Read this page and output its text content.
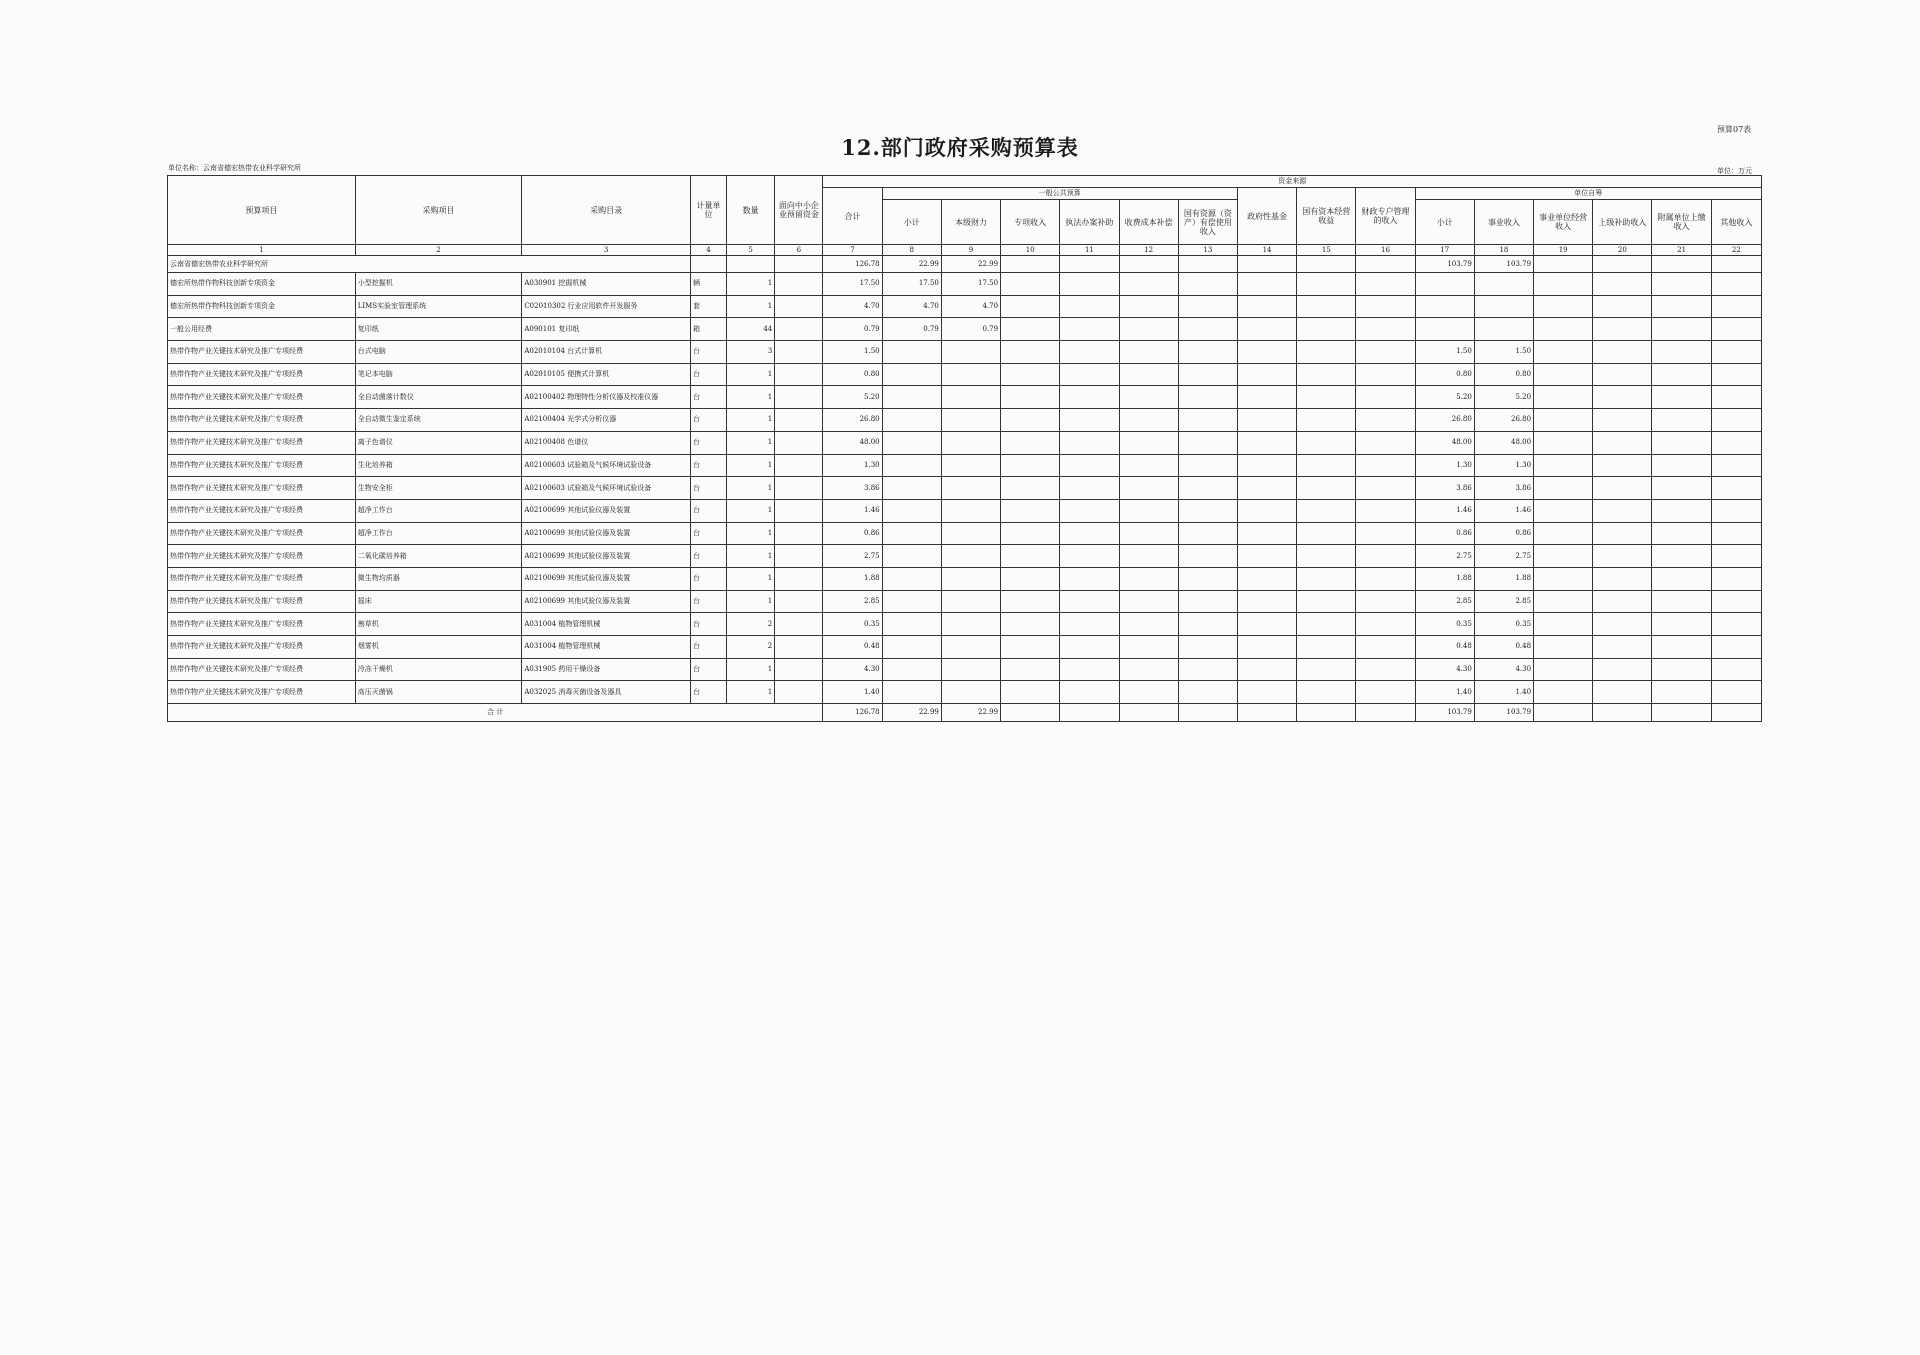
预算07表
12.部门政府采购预算表
单位名称：云南省德宏热带农业科学研究所	单位：万元
预算项目	采购项目	采购目录	计量单位	数量	面向中小企业预留资金	资金来源															
						合计	一般公共预算						政府性基金	国有资本经营收益	财政专户管理的收入	单位自筹					
							小计	本级财力	专项收入	执法办案补助	收费成本补偿	国有资源（资产）有偿使用收入				小计	事业收入	事业单位经营收入	上级补助收入	附属单位上缴收入	其他收入
1	2	3	4	5	6	7	8	9	10	11	12	13	14	15	16	17	18	19	20	21	22
云南省德宏热带农业科学研究所						126.78	22.99	22.99								103.79	103.79				
德宏所热带作物科技创新专项资金	小型挖掘机	A030901 挖掘机械	辆	1		17.50	17.50	17.50													
德宏所热带作物科技创新专项资金	LIMS实验室管理系统	C02010302 行业应用软件开发服务	套	1		4.70	4.70	4.70													
一般公用经费	复印纸	A090101 复印纸	箱	44		0.79	0.79	0.79													
热带作物产业关键技术研究及推广专项经费	台式电脑	A02010104 台式计算机	台	3		1.50										1.50	1.50				
热带作物产业关键技术研究及推广专项经费	笔记本电脑	A02010105 便携式计算机	台	1		0.80										0.80	0.80				
热带作物产业关键技术研究及推广专项经费	全自动菌落计数仪	A02100402 物理特性分析仪器及校准仪器	台	1		5.20										5.20	5.20				
热带作物产业关键技术研究及推广专项经费	全自动微生鉴定系统	A02100404 光学式分析仪器	台	1		26.80										26.80	26.80				
热带作物产业关键技术研究及推广专项经费	离子色谱仪	A02100408 色谱仪	台	1		48.00										48.00	48.00				
热带作物产业关键技术研究及推广专项经费	生化培养箱	A02100603 试验箱及气候环境试验设备	台	1		1.30										1.30	1.30				
热带作物产业关键技术研究及推广专项经费	生物安全柜	A02100603 试验箱及气候环境试验设备	台	1		3.86										3.86	3.86				
热带作物产业关键技术研究及推广专项经费	超净工作台	A02100699 其他试验仪器及装置	台	1		1.46										1.46	1.46				
热带作物产业关键技术研究及推广专项经费	超净工作台	A02100699 其他试验仪器及装置	台	1		0.86										0.86	0.86				
热带作物产业关键技术研究及推广专项经费	二氧化碳培养箱	A02100699 其他试验仪器及装置	台	1		2.75										2.75	2.75				
热带作物产业关键技术研究及推广专项经费	微生物均质器	A02100699 其他试验仪器及装置	台	1		1.88										1.88	1.88				
热带作物产业关键技术研究及推广专项经费	摇床	A02100699 其他试验仪器及装置	台	1		2.85										2.85	2.85				
热带作物产业关键技术研究及推广专项经费	割草机	A031004 植物管理机械	台	2		0.35										0.35	0.35				
热带作物产业关键技术研究及推广专项经费	烟雾机	A031004 植物管理机械	台	2		0.48										0.48	0.48				
热带作物产业关键技术研究及推广专项经费	冷冻干燥机	A031905 药用干燥设备	台	1		4.30										4.30	4.30				
热带作物产业关键技术研究及推广专项经费	高压灭菌锅	A032025 消毒灭菌设备及器具	台	1		1.40										1.40	1.40				
合 计						126.78	22.99	22.99								103.79	103.79				
